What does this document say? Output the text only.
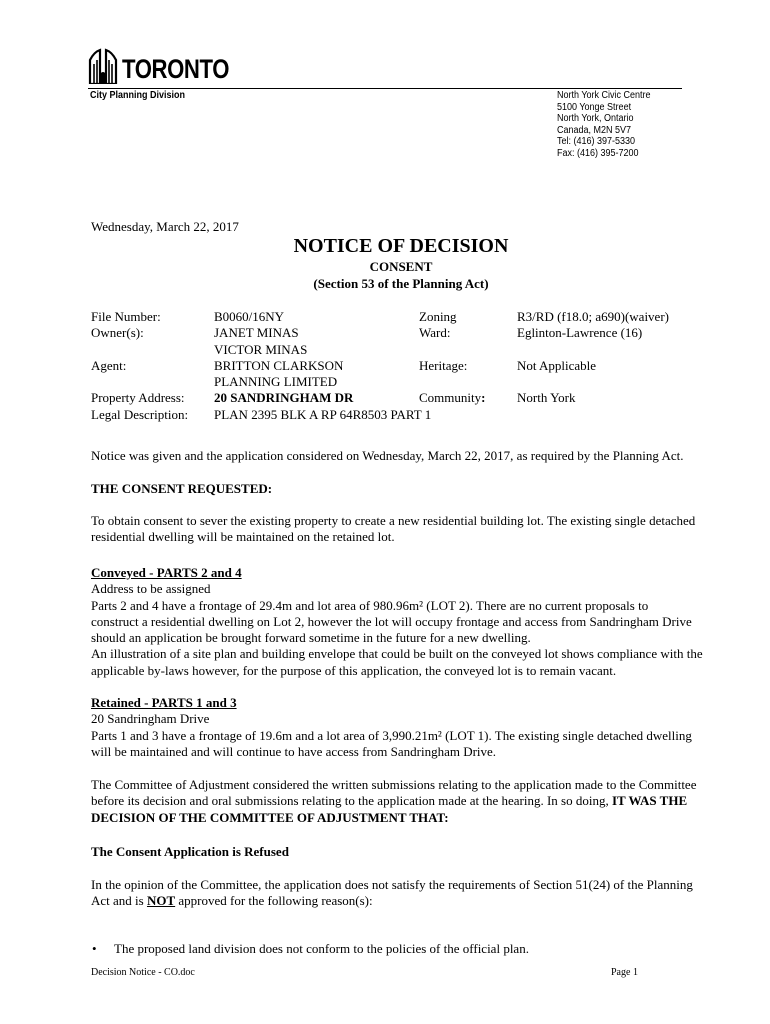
TORONTO
City Planning Division	North York Civic Centre
5100 Yonge Street
North York, Ontario
Canada, M2N 5V7
Tel: (416) 397-5330
Fax: (416) 395-7200
Wednesday, March 22, 2017
NOTICE OF DECISION
CONSENT
(Section 53 of the Planning Act)
File Number:
Owner(s):
Agent:
Property Address:
Legal Description:
B0060/16NY
JANET MINAS
VICTOR MINAS
BRITTON CLARKSON
PLANNING LIMITED
20 SANDRINGHAM DR
PLAN 2395 BLK A RP 64R8503 PART 1
Zoning
Ward:
Heritage:
Community:
R3/RD (f18.0; a690)(waiver)
Eglinton-Lawrence (16)
Not Applicable
North York
Notice was given and the application considered on Wednesday, March 22, 2017, as required by the Planning Act.
THE CONSENT REQUESTED:
To obtain consent to sever the existing property to create a new residential building lot. The existing single detached
residential dwelling will be maintained on the retained lot.
Conveyed - PARTS 2 and 4
Address to be assigned
Parts 2 and 4 have a frontage of 29.4m and lot area of 980.96m² (LOT 2). There are no current proposals to
construct a residential dwelling on Lot 2, however the lot will occupy frontage and access from Sandringham Drive
should an application be brought forward sometime in the future for a new dwelling.
An illustration of a site plan and building envelope that could be built on the conveyed lot shows compliance with the
applicable by-laws however, for the purpose of this application, the conveyed lot is to remain vacant.
Retained - PARTS 1 and 3
20 Sandringham Drive
Parts 1 and 3 have a frontage of 19.6m and a lot area of 3,990.21m² (LOT 1). The existing single detached dwelling
will be maintained and will continue to have access from Sandringham Drive.
The Committee of Adjustment considered the written submissions relating to the application made to the Committee
before its decision and oral submissions relating to the application made at the hearing. In so doing, IT WAS THE
DECISION OF THE COMMITTEE OF ADJUSTMENT THAT:
The Consent Application is Refused
In the opinion of the Committee, the application does not satisfy the requirements of Section 51(24) of the Planning
Act and is NOT approved for the following reason(s):
• The proposed land division does not conform to the policies of the official plan.
Decision Notice - CO.doc	Page 1
